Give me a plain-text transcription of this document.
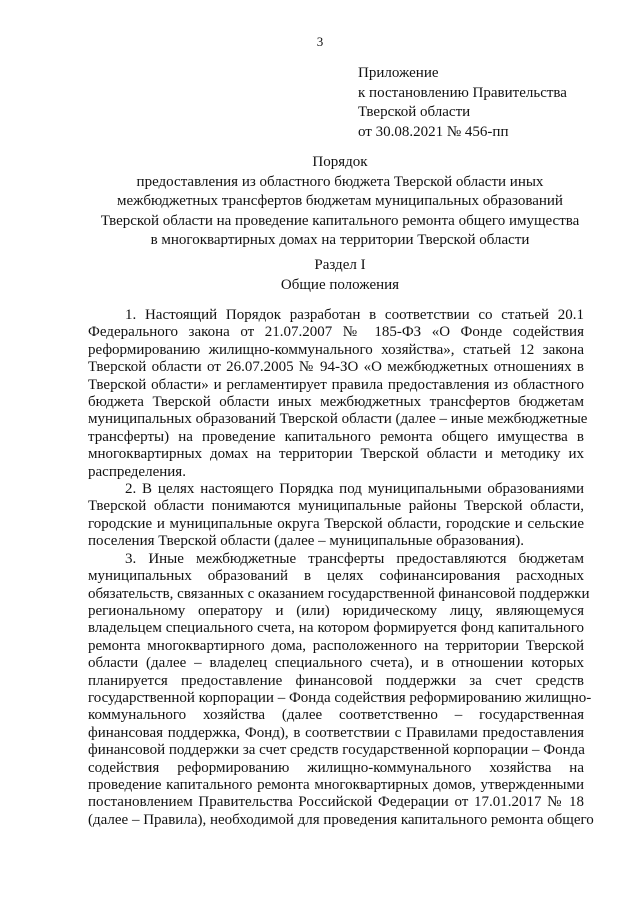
3
Приложение
к постановлению Правительства
Тверской области
от 30.08.2021 № 456-пп
Порядок
предоставления из областного бюджета Тверской области иных
межбюджетных трансфертов бюджетам муниципальных образований
Тверской области на проведение капитального ремонта общего имущества
в многоквартирных домах на территории Тверской области
Раздел I
Общие положения
1. Настоящий Порядок разработан в соответствии со статьей 20.1
Федерального закона от 21.07.2007 № 185-ФЗ «О Фонде содействия
реформированию жилищно-коммунального хозяйства», статьей 12 закона
Тверской области от 26.07.2005 № 94-ЗО «О межбюджетных отношениях в
Тверской области» и регламентирует правила предоставления из областного
бюджета Тверской области иных межбюджетных трансфертов бюджетам
муниципальных образований Тверской области (далее – иные межбюджетные
трансферты) на проведение капитального ремонта общего имущества в
многоквартирных домах на территории Тверской области и методику их
распределения.
2. В целях настоящего Порядка под муниципальными образованиями
Тверской области понимаются муниципальные районы Тверской области,
городские и муниципальные округа Тверской области, городские и сельские
поселения Тверской области (далее – муниципальные образования).
3. Иные межбюджетные трансферты предоставляются бюджетам
муниципальных образований в целях софинансирования расходных
обязательств, связанных с оказанием государственной финансовой поддержки
региональному оператору и (или) юридическому лицу, являющемуся
владельцем специального счета, на котором формируется фонд капитального
ремонта многоквартирного дома, расположенного на территории Тверской
области (далее – владелец специального счета), и в отношении которых
планируется предоставление финансовой поддержки за счет средств
государственной корпорации – Фонда содействия реформированию жилищно-
коммунального хозяйства (далее соответственно – государственная
финансовая поддержка, Фонд), в соответствии с Правилами предоставления
финансовой поддержки за счет средств государственной корпорации – Фонда
содействия реформированию жилищно-коммунального хозяйства на
проведение капитального ремонта многоквартирных домов, утвержденными
постановлением Правительства Российской Федерации от 17.01.2017 № 18
(далее – Правила), необходимой для проведения капитального ремонта общего
